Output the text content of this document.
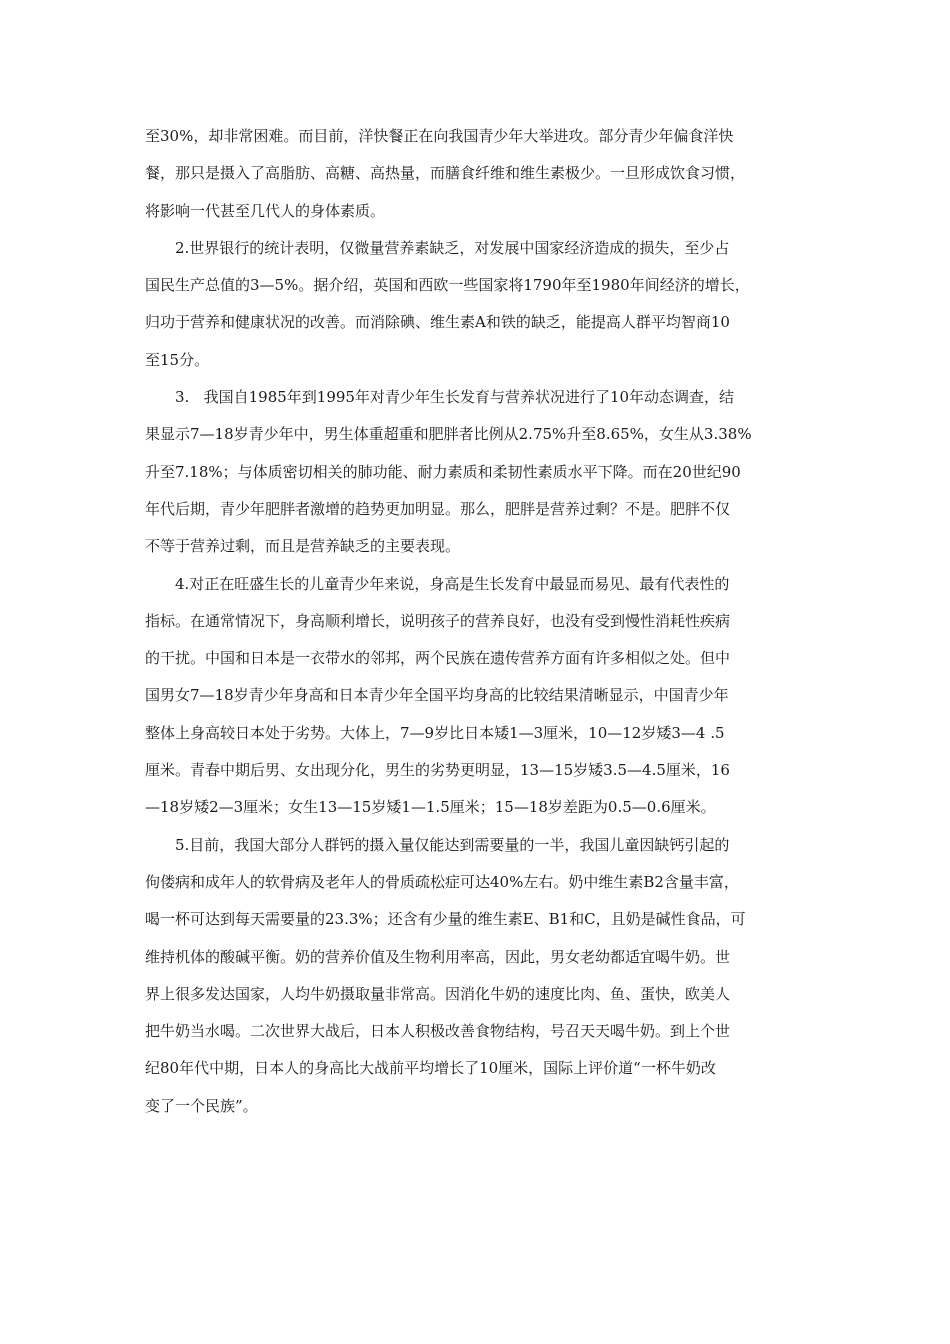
至30%，却非常困难。而目前，洋快餐正在向我国青少年大举进攻。部分青少年偏食洋快
餐，那只是摄入了高脂肪、高糖、高热量，而膳食纤维和维生素极少。一旦形成饮食习惯，
将影响一代甚至几代人的身体素质。
2.世界银行的统计表明，仅微量营养素缺乏，对发展中国家经济造成的损失，至少占
国民生产总值的3—5%。据介绍，英国和西欧一些国家将1790年至1980年间经济的增长，
归功于营养和健康状况的改善。而消除碘、维生素A和铁的缺乏，能提高人群平均智商10
至15分。
3.   我国自1985年到1995年对青少年生长发育与营养状况进行了10年动态调查，结
果显示7—18岁青少年中，男生体重超重和肥胖者比例从2.75%升至8.65%，女生从3.38%
升至7.18%；与体质密切相关的肺功能、耐力素质和柔韧性素质水平下降。而在20世纪90
年代后期，青少年肥胖者激增的趋势更加明显。那么，肥胖是营养过剩？不是。肥胖不仅
不等于营养过剩，而且是营养缺乏的主要表现。
4.对正在旺盛生长的儿童青少年来说，身高是生长发育中最显而易见、最有代表性的
指标。在通常情况下，身高顺利增长，说明孩子的营养良好，也没有受到慢性消耗性疾病
的干扰。中国和日本是一衣带水的邻邦，两个民族在遗传营养方面有许多相似之处。但中
国男女7—18岁青少年身高和日本青少年全国平均身高的比较结果清晰显示，中国青少年
整体上身高较日本处于劣势。大体上，7—9岁比日本矮1—3厘米，10—12岁矮3—4 .5
厘米。青春中期后男、女出现分化，男生的劣势更明显，13—15岁矮3.5—4.5厘米，16
—18岁矮2—3厘米；女生13—15岁矮1—1.5厘米；15—18岁差距为0.5—0.6厘米。
5.目前，我国大部分人群钙的摄入量仅能达到需要量的一半，我国儿童因缺钙引起的
佝偻病和成年人的软骨病及老年人的骨质疏松症可达40%左右。奶中维生素B2含量丰富，
喝一杯可达到每天需要量的23.3%；还含有少量的维生素E、B1和C，且奶是碱性食品，可
维持机体的酸碱平衡。奶的营养价值及生物利用率高，因此，男女老幼都适宜喝牛奶。世
界上很多发达国家，人均牛奶摄取量非常高。因消化牛奶的速度比肉、鱼、蛋快，欧美人
把牛奶当水喝。二次世界大战后，日本人积极改善食物结构，号召天天喝牛奶。到上个世
纪80年代中期，日本人的身高比大战前平均增长了10厘米，国际上评价道“一杯牛奶改
变了一个民族”。
